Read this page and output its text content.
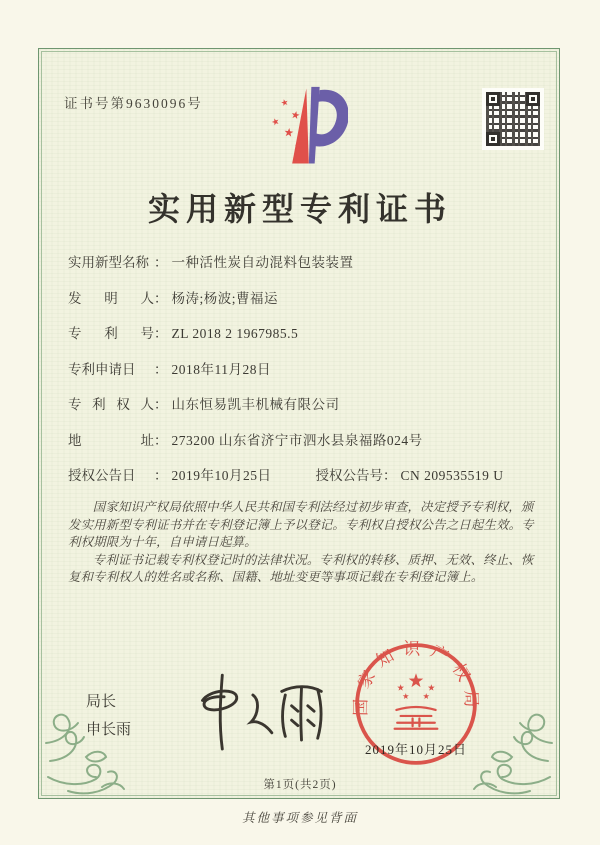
证书号第9630096号
实用新型专利证书
实用新型名称 ： 一种活性炭自动混料包装装置
发明人： 杨涛;杨波;曹福运
专利号： ZL 2018 2 1967985.5
专利申请日 ： 2018年11月28日
专利权人： 山东恒易凯丰机械有限公司
地址： 273200 山东省济宁市泗水县泉福路024号
授权公告日 ： 2019年10月25日	授权公告号： CN 209535519 U

国家知识产权局依照中华人民共和国专利法经过初步审查，决定授予专利权，颁发实用新型专利证书并在专利登记簿上予以登记。专利权自授权公告之日起生效。专利权期限为十年，自申请日起算。

专利证书记载专利权登记时的法律状况。专利权的转移、质押、无效、终止、恢复和专利权人的姓名或名称、国籍、地址变更等事项记载在专利登记簿上。

局长
申长雨
国家知识产权局
2019年10月25日
第1页(共2页)
其他事项参见背面
